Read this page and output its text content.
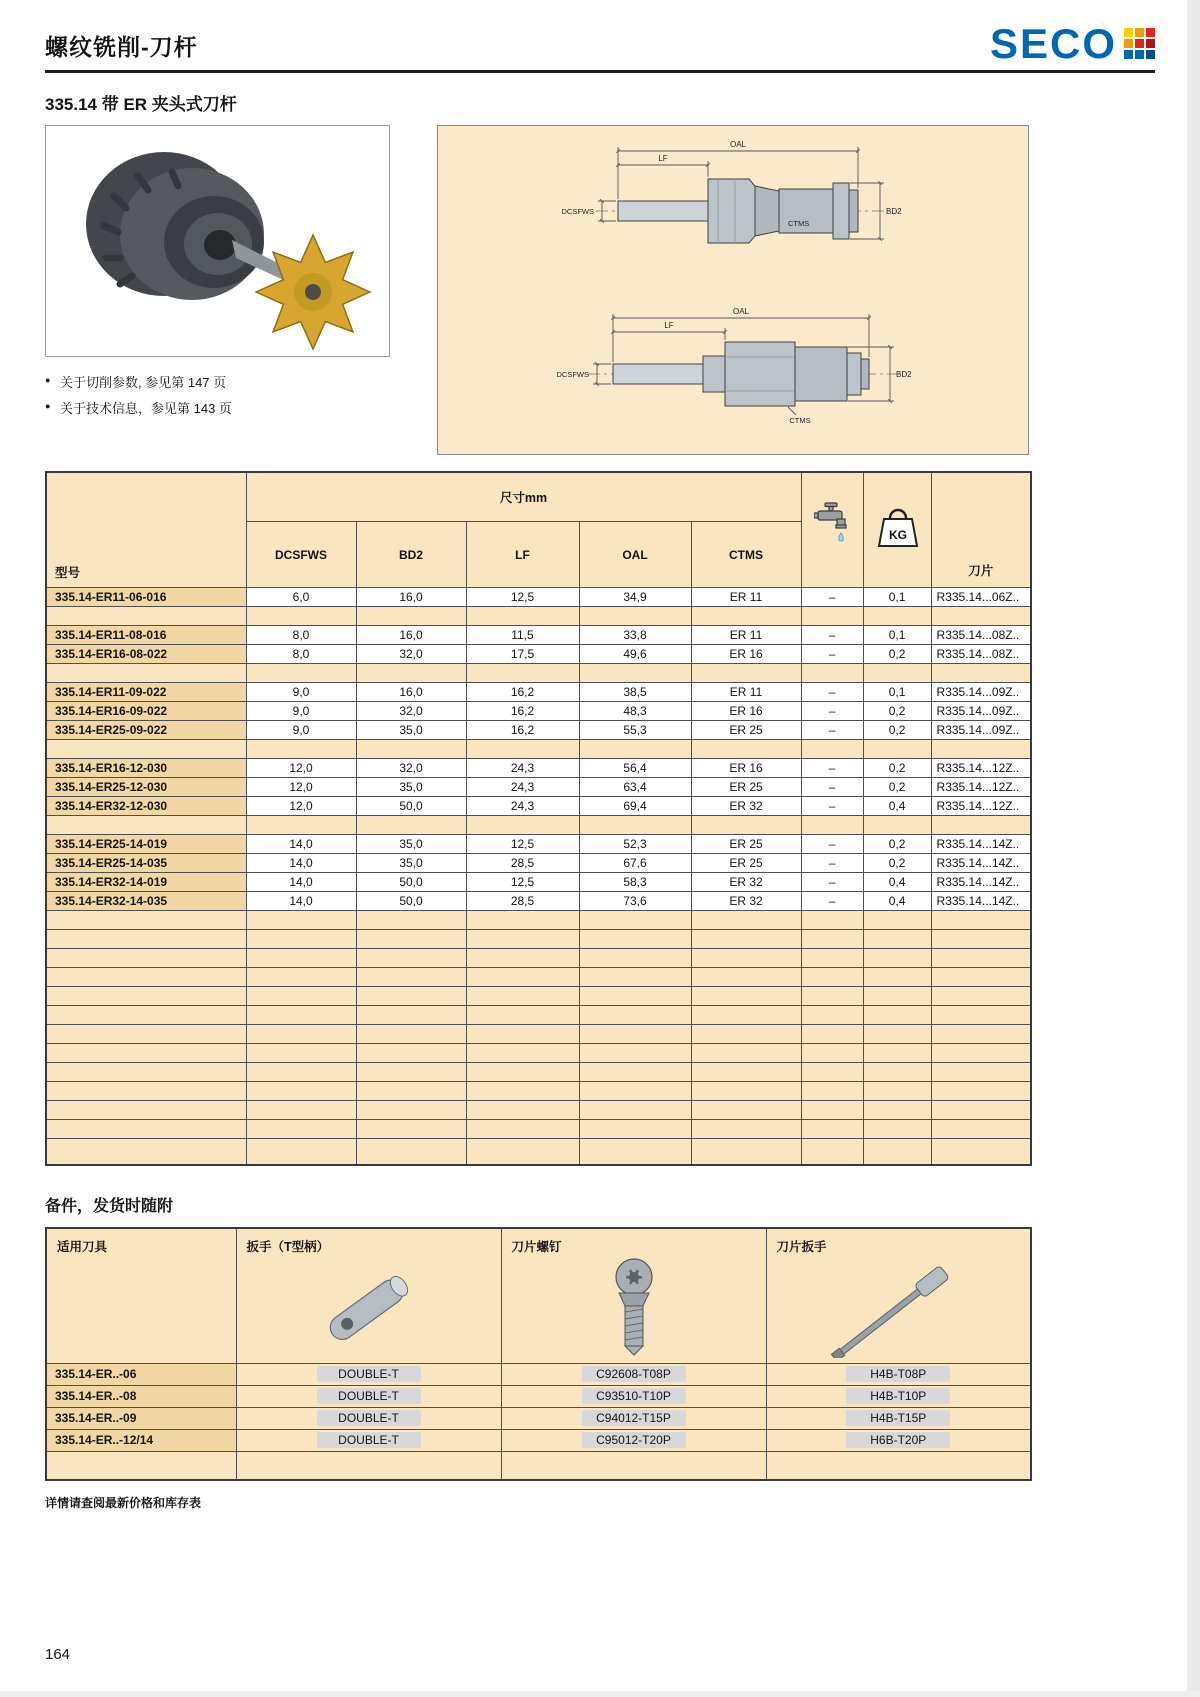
螺纹铣削-刀杆	SECO
335.14 带 ER 夹头式刀杆
● 关于切削参数, 参见第 147 页
● 关于技术信息，参见第 143 页
OAL
LF
DCSFWS	BD2
CTMS
OAL
LF
DCSFWS	BD2
CTMS
型号	尺寸mm						KG	刀片
	DCSFWS	BD2	LF	OAL	CTMS			
335.14-ER11-06-016	6,0	16,0	12,5	34,9	ER 11	–	0,1	R335.14...06Z..

335.14-ER11-08-016	8,0	16,0	11,5	33,8	ER 11	–	0,1	R335.14...08Z..
335.14-ER16-08-022	8,0	32,0	17,5	49,6	ER 16	–	0,2	R335.14...08Z..

335.14-ER11-09-022	9,0	16,0	16,2	38,5	ER 11	–	0,1	R335.14...09Z..
335.14-ER16-09-022	9,0	32,0	16,2	48,3	ER 16	–	0,2	R335.14...09Z..
335.14-ER25-09-022	9,0	35,0	16,2	55,3	ER 25	–	0,2	R335.14...09Z..

335.14-ER16-12-030	12,0	32,0	24,3	56,4	ER 16	–	0,2	R335.14...12Z..
335.14-ER25-12-030	12,0	35,0	24,3	63,4	ER 25	–	0,2	R335.14...12Z..
335.14-ER32-12-030	12,0	50,0	24,3	69,4	ER 32	–	0,4	R335.14...12Z..

335.14-ER25-14-019	14,0	35,0	12,5	52,3	ER 25	–	0,2	R335.14...14Z..
335.14-ER25-14-035	14,0	35,0	28,5	67,6	ER 25	–	0,2	R335.14...14Z..
335.14-ER32-14-019	14,0	50,0	12,5	58,3	ER 32	–	0,4	R335.14...14Z..
335.14-ER32-14-035	14,0	50,0	28,5	73,6	ER 32	–	0,4	R335.14...14Z..

备件，发货时随附
适用刀具	扳手（T型柄）	刀片螺钉	刀片扳手

335.14-ER..-06	DOUBLE-T	C92608-T08P	H4B-T08P
335.14-ER..-08	DOUBLE-T	C93510-T10P	H4B-T10P
335.14-ER..-09	DOUBLE-T	C94012-T15P	H4B-T15P
335.14-ER..-12/14	DOUBLE-T	C95012-T20P	H6B-T20P

详情请查阅最新价格和库存表

164
